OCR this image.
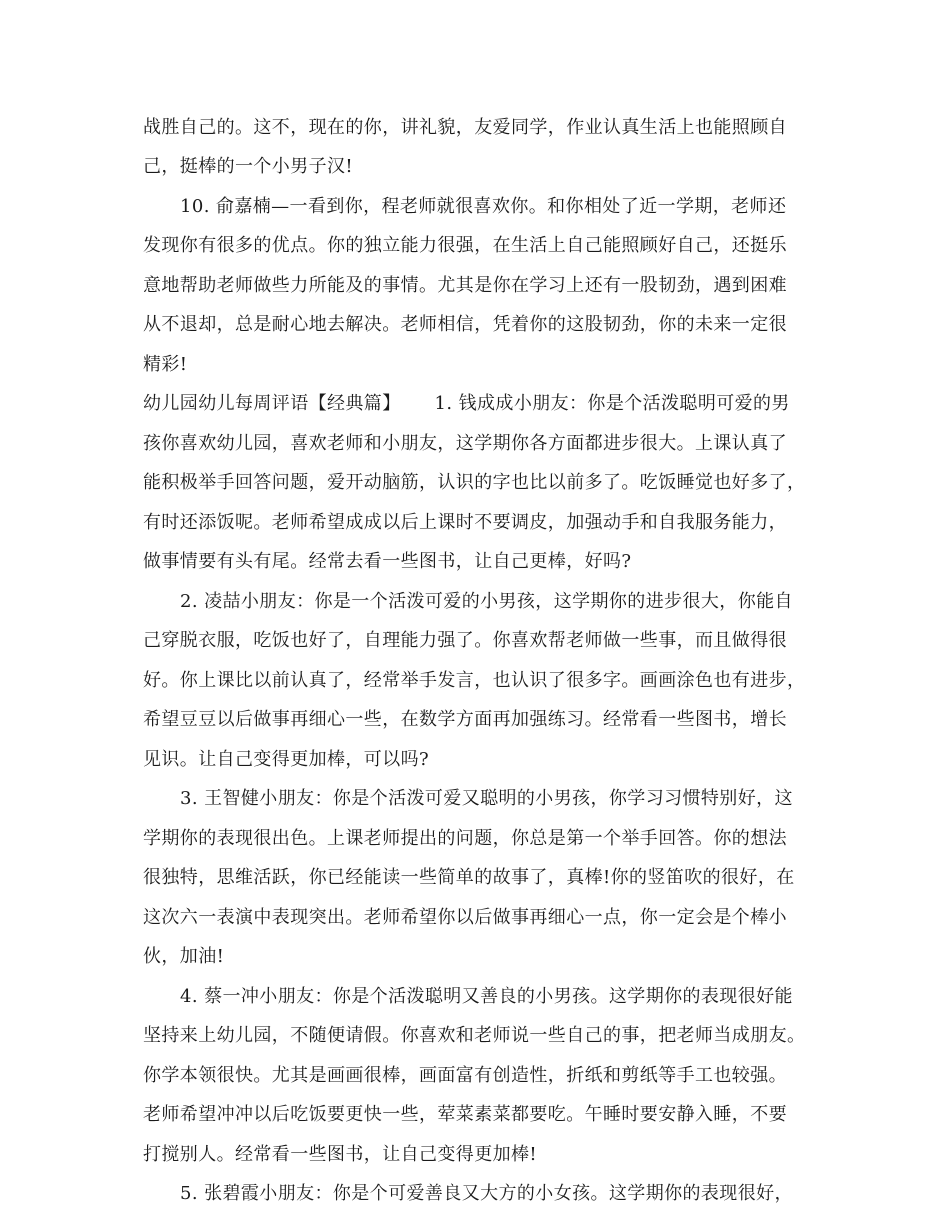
战胜自己的。这不，现在的你，讲礼貌，友爱同学，作业认真生活上也能照顾自
己，挺棒的一个小男子汉!
10. 俞嘉楠—一看到你，程老师就很喜欢你。和你相处了近一学期，老师还
发现你有很多的优点。你的独立能力很强，在生活上自己能照顾好自己，还挺乐
意地帮助老师做些力所能及的事情。尤其是你在学习上还有一股韧劲，遇到困难
从不退却，总是耐心地去解决。老师相信，凭着你的这股韧劲，你的未来一定很
精彩!
幼儿园幼儿每周评语【经典篇】　　 1. 钱成成小朋友：你是个活泼聪明可爱的男
孩你喜欢幼儿园，喜欢老师和小朋友，这学期你各方面都进步很大。上课认真了
能积极举手回答问题，爱开动脑筋，认识的字也比以前多了。吃饭睡觉也好多了，
有时还添饭呢。老师希望成成以后上课时不要调皮，加强动手和自我服务能力，
做事情要有头有尾。经常去看一些图书，让自己更棒，好吗?
2. 凌喆小朋友：你是一个活泼可爱的小男孩，这学期你的进步很大，你能自
己穿脱衣服，吃饭也好了，自理能力强了。你喜欢帮老师做一些事，而且做得很
好。你上课比以前认真了，经常举手发言，也认识了很多字。画画涂色也有进步，
希望豆豆以后做事再细心一些，在数学方面再加强练习。经常看一些图书，增长
见识。让自己变得更加棒，可以吗?
3. 王智健小朋友：你是个活泼可爱又聪明的小男孩，你学习习惯特别好，这
学期你的表现很出色。上课老师提出的问题，你总是第一个举手回答。你的想法
很独特，思维活跃，你已经能读一些简单的故事了，真棒!你的竖笛吹的很好，在
这次六一表演中表现突出。老师希望你以后做事再细心一点，你一定会是个棒小
伙，加油!
4. 蔡一冲小朋友：你是个活泼聪明又善良的小男孩。这学期你的表现很好能
坚持来上幼儿园，不随便请假。你喜欢和老师说一些自己的事，把老师当成朋友。
你学本领很快。尤其是画画很棒，画面富有创造性，折纸和剪纸等手工也较强。
老师希望冲冲以后吃饭要更快一些，荤菜素菜都要吃。午睡时要安静入睡，不要
打搅别人。经常看一些图书，让自己变得更加棒!
5. 张碧霞小朋友：你是个可爱善良又大方的小女孩。这学期你的表现很好，
